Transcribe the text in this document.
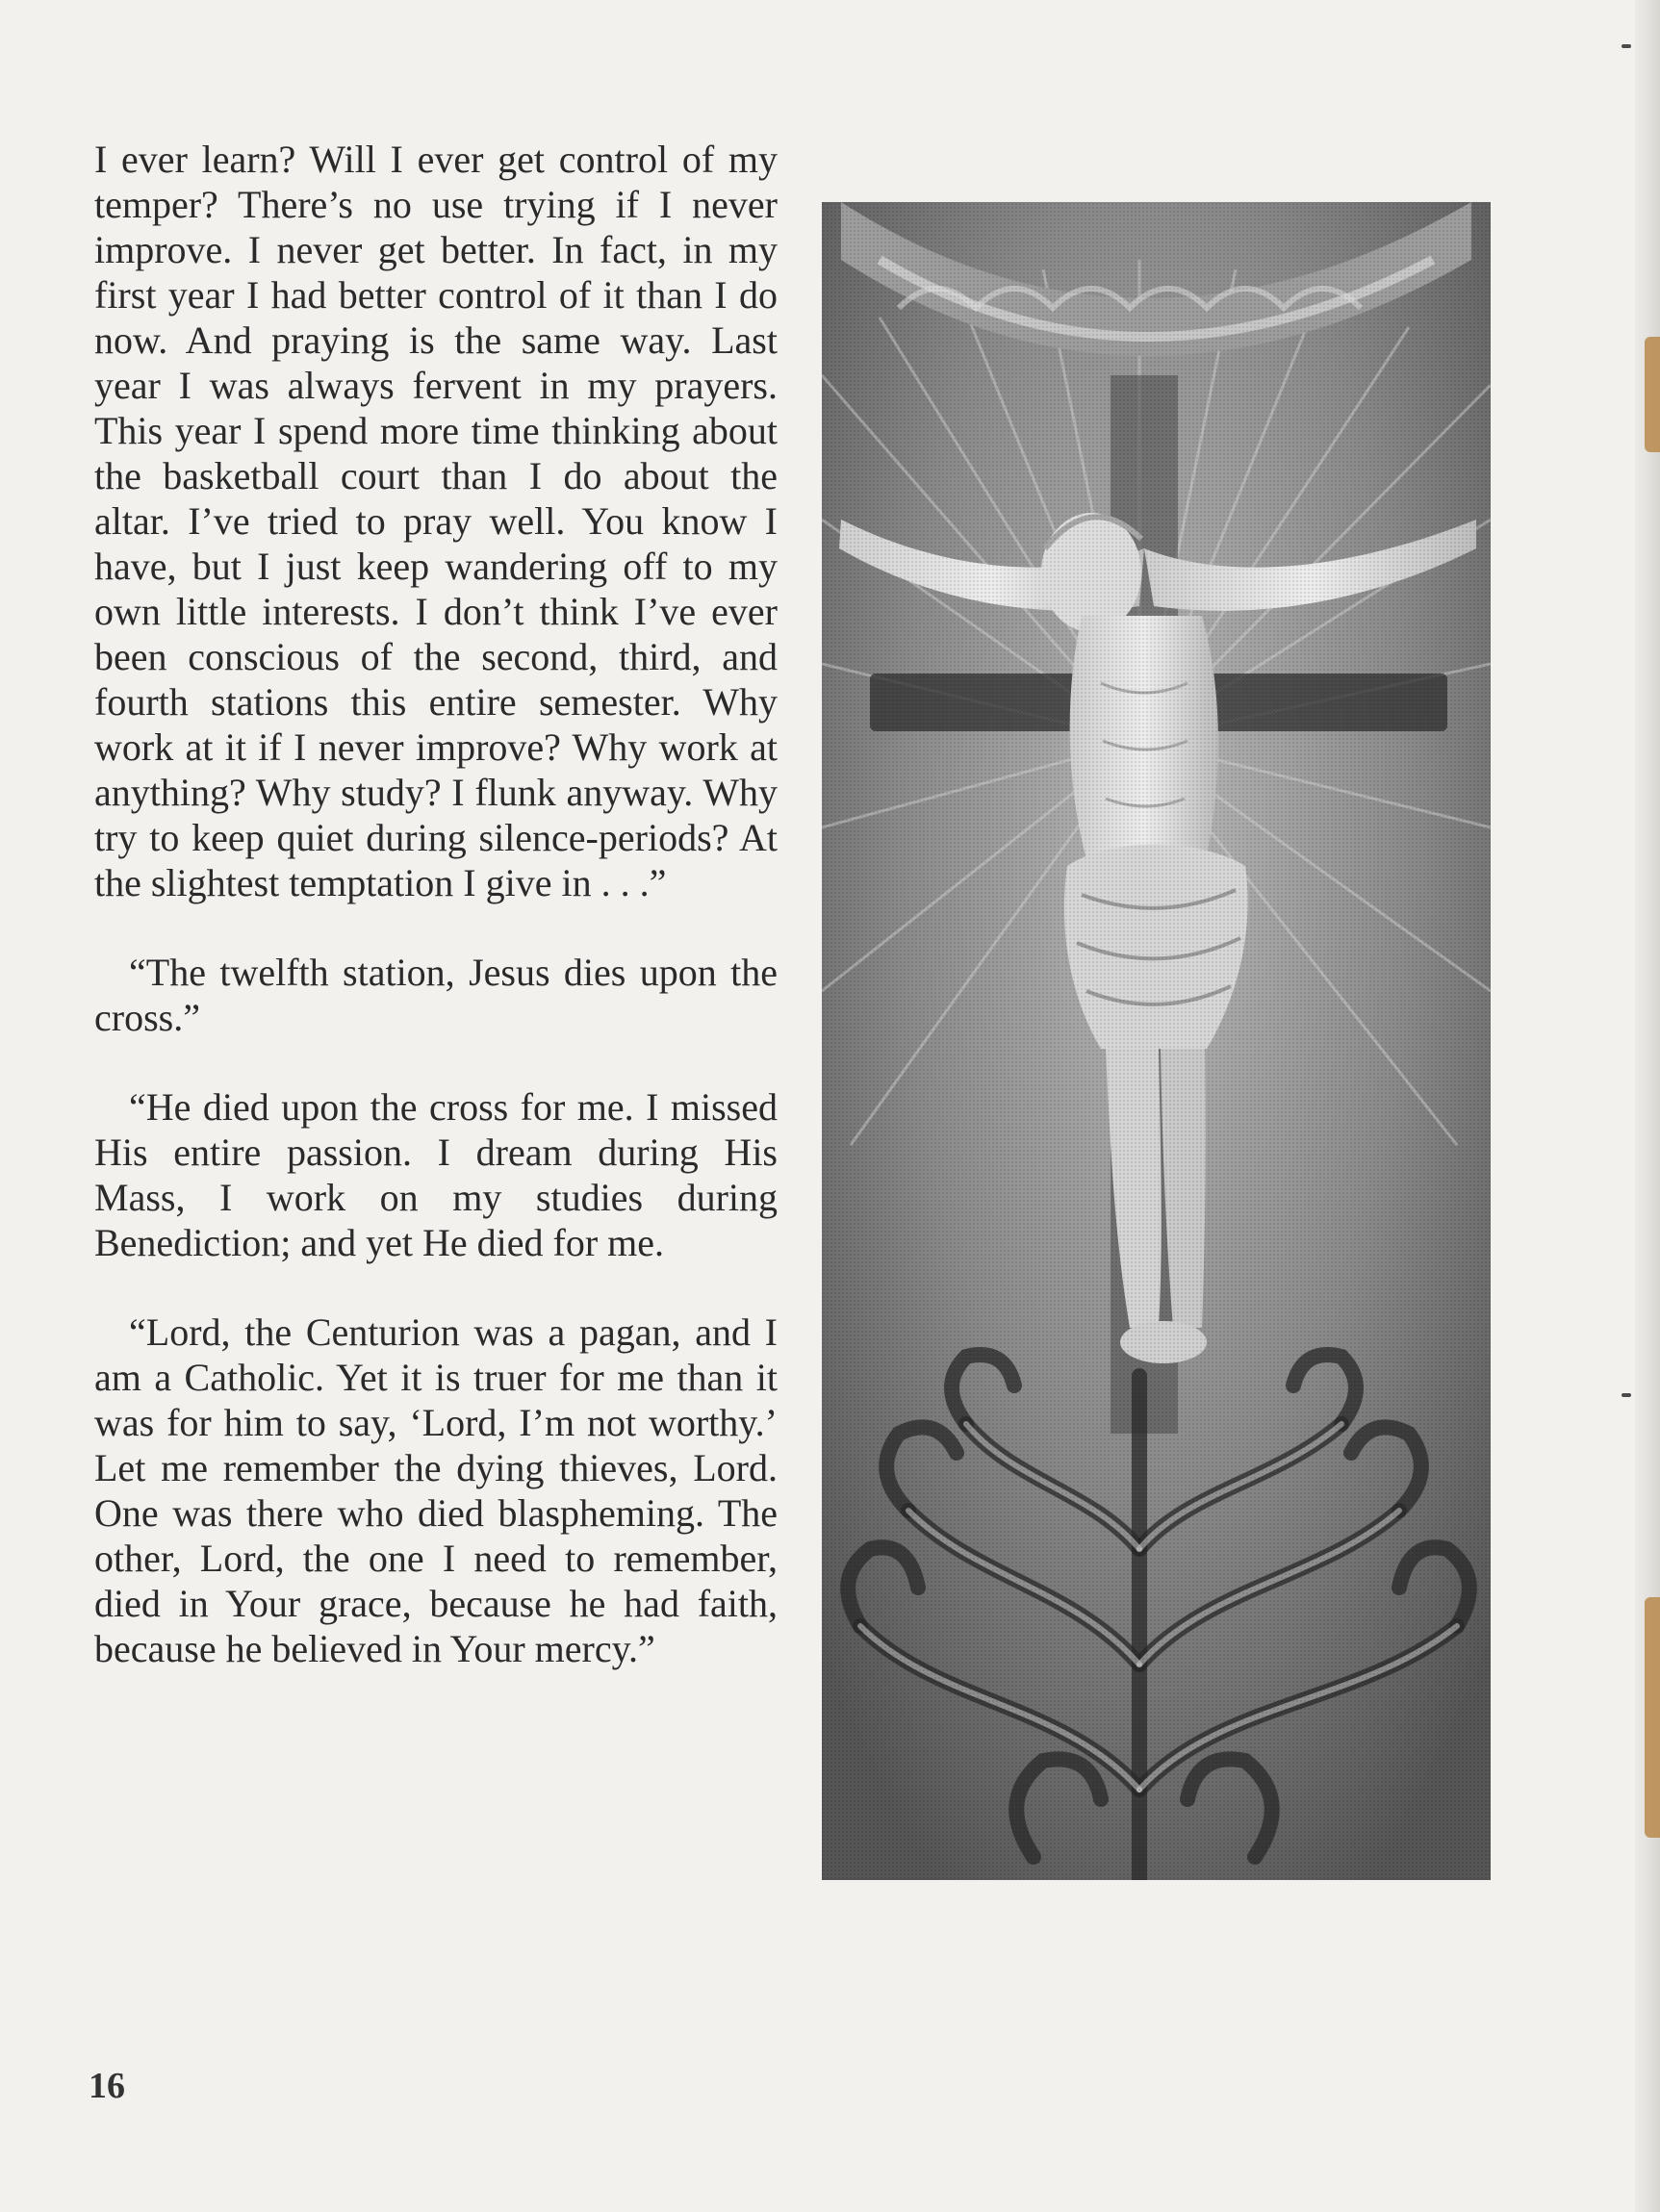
I ever learn? Will I ever get control of my temper? There’s no use trying if I never improve. I never get better. In fact, in my first year I had better control of it than I do now. And praying is the same way. Last year I was always fervent in my prayers. This year I spend more time thinking about the basketball court than I do about the altar. I’ve tried to pray well. You know I have, but I just keep wandering off to my own little interests. I don’t think I’ve ever been conscious of the second, third, and fourth stations this entire semester. Why work at it if I never improve? Why work at anything? Why study? I flunk anyway. Why try to keep quiet during silence-periods? At the slightest temptation I give in . . .”

“The twelfth station, Jesus dies upon the cross.”

“He died upon the cross for me. I missed His entire passion. I dream during His Mass, I work on my studies during Benediction; and yet He died for me.

“Lord, the Centurion was a pagan, and I am a Catholic. Yet it is truer for me than it was for him to say, ‘Lord, I’m not worthy.’ Let me remember the dying thieves, Lord. One was there who died blaspheming. The other, Lord, the one I need to remember, died in Your grace, because he had faith, because he believed in Your mercy.”

16
